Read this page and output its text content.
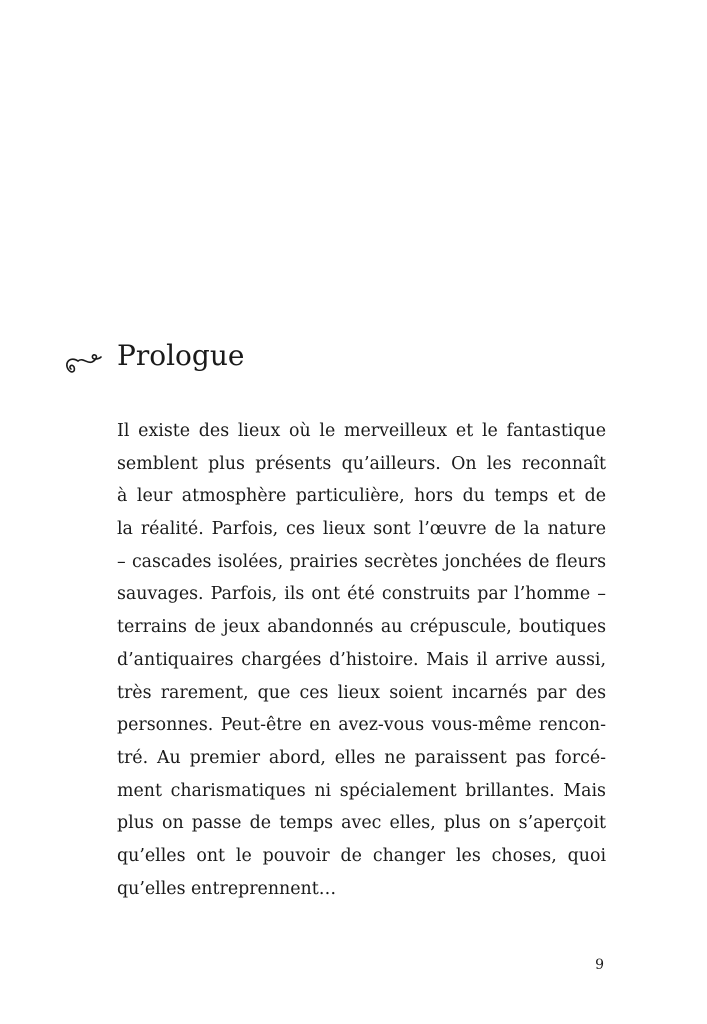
Prologue
Il existe des lieux où le merveilleux et le fantastique
semblent plus présents qu’ailleurs. On les reconnaît
à leur atmosphère particulière, hors du temps et de
la réalité. Parfois, ces lieux sont l’œuvre de la nature
– cascades isolées, prairies secrètes jonchées de fleurs
sauvages. Parfois, ils ont été construits par l’homme –
terrains de jeux abandonnés au crépuscule, boutiques
d’antiquaires chargées d’histoire. Mais il arrive aussi,
très rarement, que ces lieux soient incarnés par des
personnes. Peut-être en avez-vous vous-même rencon-
tré. Au premier abord, elles ne paraissent pas forcé-
ment charismatiques ni spécialement brillantes. Mais
plus on passe de temps avec elles, plus on s’aperçoit
qu’elles ont le pouvoir de changer les choses, quoi
qu’elles entreprennent…
9
